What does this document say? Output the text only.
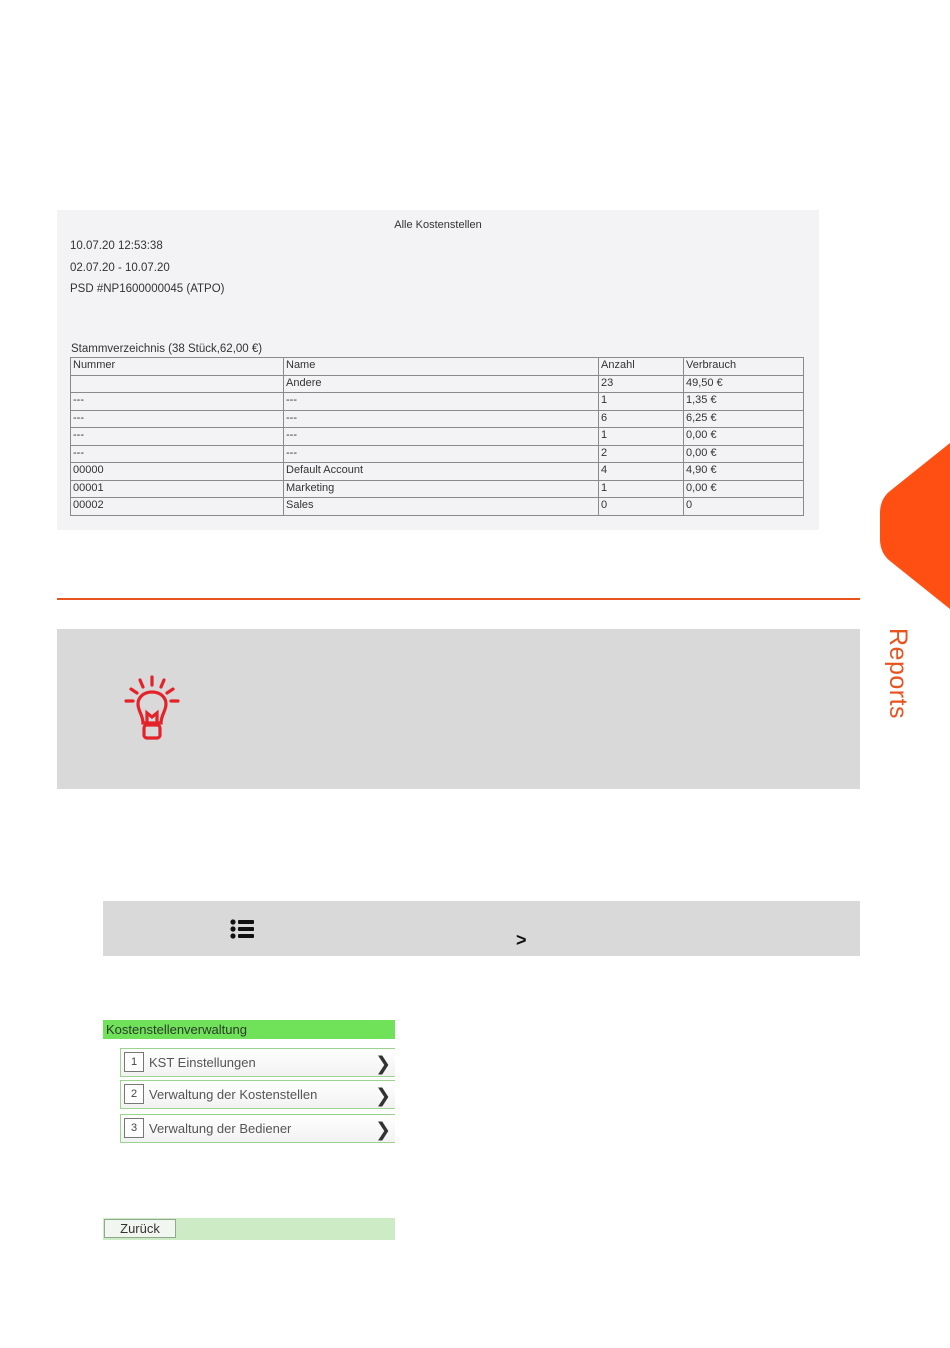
Alle Kostenstellen
10.07.20 12:53:38
02.07.20 - 10.07.20
PSD #NP1600000045 (ATPO)
Stammverzeichnis (38 Stück,62,00 €)
Nummer	Name	Anzahl	Verbrauch
	Andere	23	49,50 €
---	---	1	1,35 €
---	---	6	6,25 €
---	---	1	0,00 €
---	---	2	0,00 €
00000	Default Account	4	4,90 €
00001	Marketing	1	0,00 €
00002	Sales	0	0
Reports
>
Kostenstellenverwaltung
1 KST Einstellungen	❯
2 Verwaltung der Kostenstellen	❯
3 Verwaltung der Bediener	❯
Zurück
